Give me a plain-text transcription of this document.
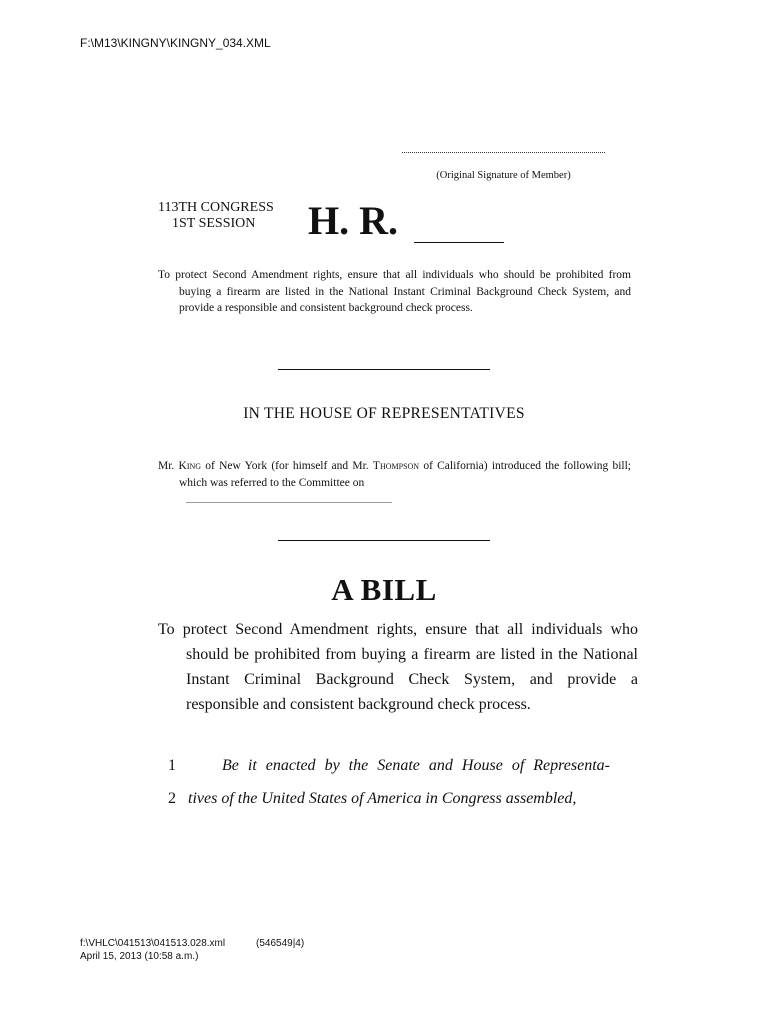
F:\M13\KINGNY\KINGNY_034.XML
(Original Signature of Member)
113TH CONGRESS
1ST SESSION	H. R.
To protect Second Amendment rights, ensure that all individuals who should be prohibited from buying a firearm are listed in the National Instant Criminal Background Check System, and provide a responsible and consistent background check process.
IN THE HOUSE OF REPRESENTATIVES
Mr. King of New York (for himself and Mr. Thompson of California) introduced the following bill; which was referred to the Committee on
A BILL
To protect Second Amendment rights, ensure that all individuals who should be prohibited from buying a firearm are listed in the National Instant Criminal Background Check System, and provide a responsible and consistent background check process.
1	Be it enacted by the Senate and House of Representa-
2 tives of the United States of America in Congress assembled,
f:\VHLC\041513\041513.028.xml	(546549|4)
April 15, 2013 (10:58 a.m.)
